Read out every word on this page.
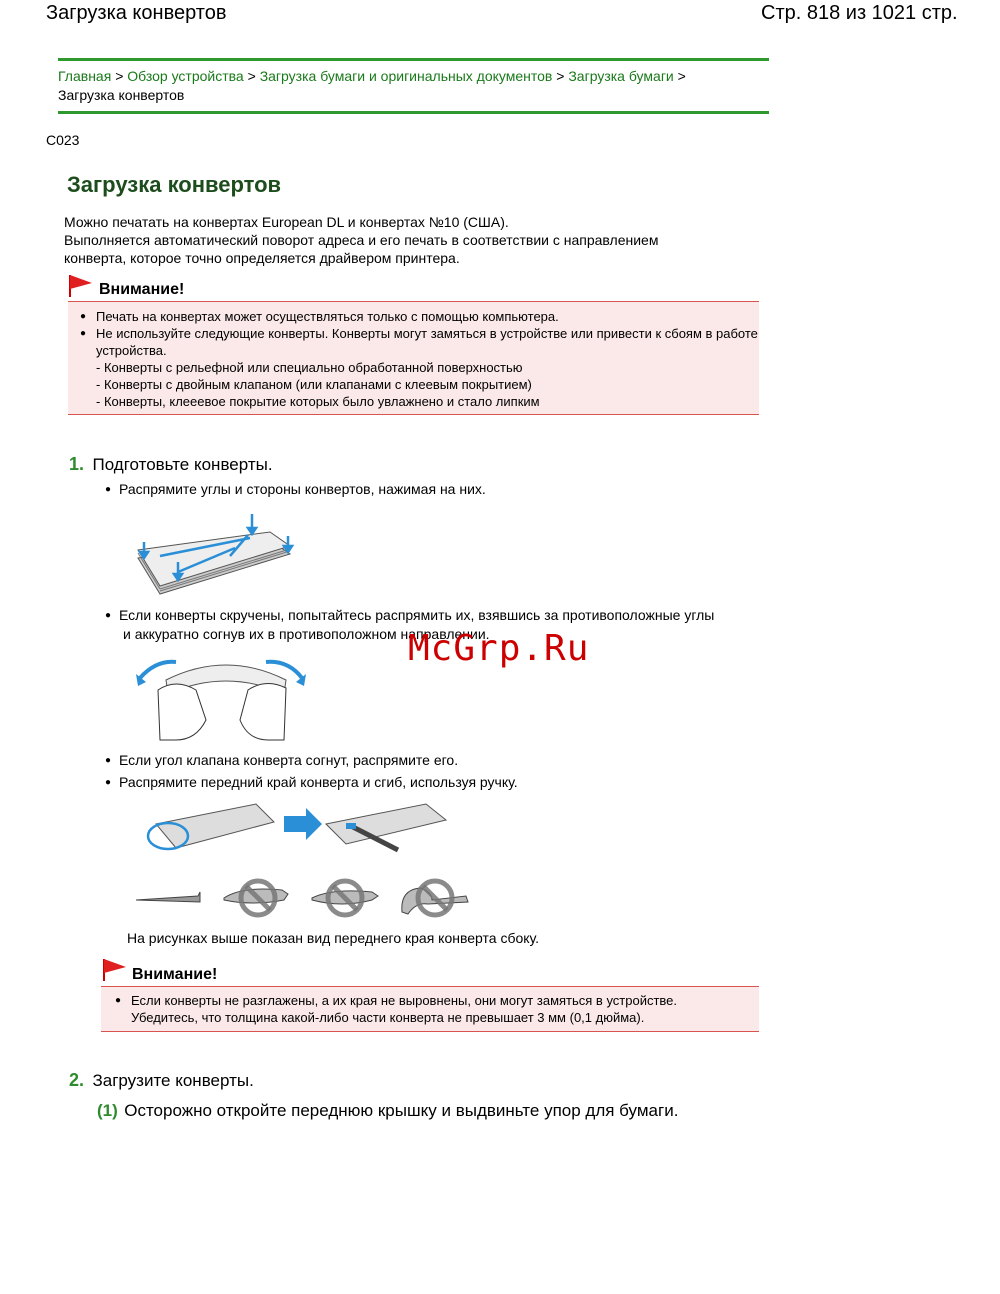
Загрузка конвертов	Стр. 818 из 1021 стр.
Главная > Обзор устройства > Загрузка бумаги и оригинальных документов > Загрузка бумаги >
Загрузка конвертов
C023
Загрузка конвертов
Можно печатать на конвертах European DL и конвертах №10 (США).
Выполняется автоматический поворот адреса и его печать в соответствии с направлением
конверта, которое точно определяется драйвером принтера.
Внимание!
● Печать на конвертах может осуществляться только с помощью компьютера.
● Не используйте следующие конверты. Конверты могут замяться в устройстве или привести к сбоям в работе устройства.
- Конверты с рельефной или специально обработанной поверхностью
- Конверты с двойным клапаном (или клапанами с клеевым покрытием)
- Конверты, клееевое покрытие которых было увлажнено и стало липким
1. Подготовьте конверты.
● Распрямите углы и стороны конвертов, нажимая на них.
● Если конверты скручены, попытайтесь распрямить их, взявшись за противоположные углы
и аккуратно согнув их в противоположном направлении.
● Если угол клапана конверта согнут, распрямите его.
● Распрямите передний край конверта и сгиб, используя ручку.
На рисунках выше показан вид переднего края конверта сбоку.
Внимание!
● Если конверты не разглажены, а их края не выровнены, они могут замяться в устройстве.
Убедитесь, что толщина какой-либо части конверта не превышает 3 мм (0,1 дюйма).
2. Загрузите конверты.
(1) Осторожно откройте переднюю крышку и выдвиньте упор для бумаги.
McGrp.Ru
